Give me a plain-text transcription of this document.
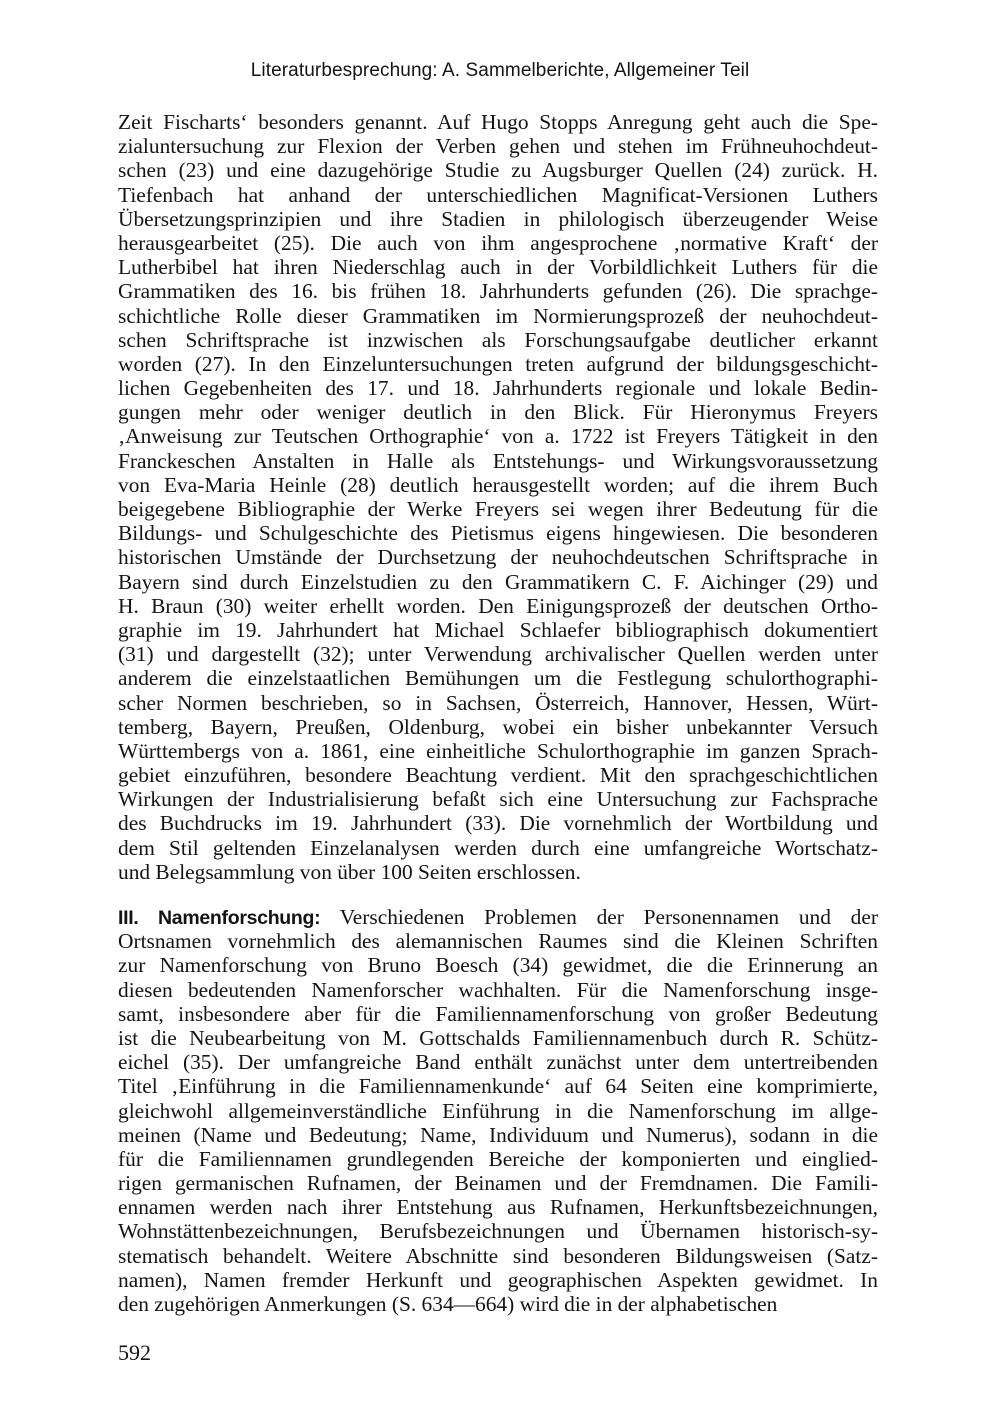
Literaturbesprechung: A. Sammelberichte, Allgemeiner Teil
Zeit Fischarts‘ besonders genannt. Auf Hugo Stopps Anregung geht auch die Spe-
zialuntersuchung zur Flexion der Verben gehen und stehen im Frühneuhochdeut-
schen (23) und eine dazugehörige Studie zu Augsburger Quellen (24) zurück. H.
Tiefenbach hat anhand der unterschiedlichen Magnificat-Versionen Luthers
Übersetzungsprinzipien und ihre Stadien in philologisch überzeugender Weise
herausgearbeitet (25). Die auch von ihm angesprochene ‚normative Kraft‘ der
Lutherbibel hat ihren Niederschlag auch in der Vorbildlichkeit Luthers für die
Grammatiken des 16. bis frühen 18. Jahrhunderts gefunden (26). Die sprachge-
schichtliche Rolle dieser Grammatiken im Normierungsprozeß der neuhochdeut-
schen Schriftsprache ist inzwischen als Forschungsaufgabe deutlicher erkannt
worden (27). In den Einzeluntersuchungen treten aufgrund der bildungsgeschicht-
lichen Gegebenheiten des 17. und 18. Jahrhunderts regionale und lokale Bedin-
gungen mehr oder weniger deutlich in den Blick. Für Hieronymus Freyers
‚Anweisung zur Teutschen Orthographie‘ von a. 1722 ist Freyers Tätigkeit in den
Franckeschen Anstalten in Halle als Entstehungs- und Wirkungsvoraussetzung
von Eva-Maria Heinle (28) deutlich herausgestellt worden; auf die ihrem Buch
beigegebene Bibliographie der Werke Freyers sei wegen ihrer Bedeutung für die
Bildungs- und Schulgeschichte des Pietismus eigens hingewiesen. Die besonderen
historischen Umstände der Durchsetzung der neuhochdeutschen Schriftsprache in
Bayern sind durch Einzelstudien zu den Grammatikern C. F. Aichinger (29) und
H. Braun (30) weiter erhellt worden. Den Einigungsprozeß der deutschen Ortho-
graphie im 19. Jahrhundert hat Michael Schlaefer bibliographisch dokumentiert
(31) und dargestellt (32); unter Verwendung archivalischer Quellen werden unter
anderem die einzelstaatlichen Bemühungen um die Festlegung schulorthographi-
scher Normen beschrieben, so in Sachsen, Österreich, Hannover, Hessen, Würt-
temberg, Bayern, Preußen, Oldenburg, wobei ein bisher unbekannter Versuch
Württembergs von a. 1861, eine einheitliche Schulorthographie im ganzen Sprach-
gebiet einzuführen, besondere Beachtung verdient. Mit den sprachgeschichtlichen
Wirkungen der Industrialisierung befaßt sich eine Untersuchung zur Fachsprache
des Buchdrucks im 19. Jahrhundert (33). Die vornehmlich der Wortbildung und
dem Stil geltenden Einzelanalysen werden durch eine umfangreiche Wortschatz-
und Belegsammlung von über 100 Seiten erschlossen.
III. Namenforschung: Verschiedenen Problemen der Personennamen und der
Ortsnamen vornehmlich des alemannischen Raumes sind die Kleinen Schriften
zur Namenforschung von Bruno Boesch (34) gewidmet, die die Erinnerung an
diesen bedeutenden Namenforscher wachhalten. Für die Namenforschung insge-
samt, insbesondere aber für die Familiennamenforschung von großer Bedeutung
ist die Neubearbeitung von M. Gottschalds Familiennamenbuch durch R. Schütz-
eichel (35). Der umfangreiche Band enthält zunächst unter dem untertreibenden
Titel ‚Einführung in die Familiennamenkunde‘ auf 64 Seiten eine komprimierte,
gleichwohl allgemeinverständliche Einführung in die Namenforschung im allge-
meinen (Name und Bedeutung; Name, Individuum und Numerus), sodann in die
für die Familiennamen grundlegenden Bereiche der komponierten und einglied-
rigen germanischen Rufnamen, der Beinamen und der Fremdnamen. Die Famili-
ennamen werden nach ihrer Entstehung aus Rufnamen, Herkunftsbezeichnungen,
Wohnstättenbezeichnungen, Berufsbezeichnungen und Übernamen historisch-sy-
stematisch behandelt. Weitere Abschnitte sind besonderen Bildungsweisen (Satz-
namen), Namen fremder Herkunft und geographischen Aspekten gewidmet. In
den zugehörigen Anmerkungen (S. 634—664) wird die in der alphabetischen
592
